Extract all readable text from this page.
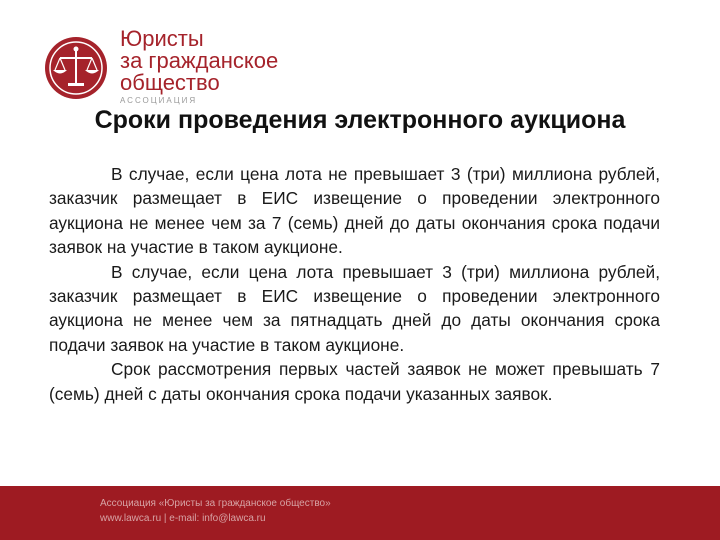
Юристы
за гражданское
общество
АССОЦИАЦИЯ
Сроки проведения электронного аукциона

В случае, если цена лота не превышает 3 (три) миллиона рублей, заказчик размещает в ЕИС извещение о проведении электронного аукциона не менее чем за 7 (семь) дней до даты окончания срока подачи заявок на участие в таком аукционе.

В случае, если цена лота превышает 3 (три) миллиона рублей, заказчик размещает в ЕИС извещение о проведении электронного аукциона не менее чем за пятнадцать дней до даты окончания срока подачи заявок на участие в таком аукционе.

Срок рассмотрения первых частей заявок не может превышать 7 (семь) дней с даты окончания срока подачи указанных заявок.

Ассоциация «Юристы за гражданское общество»
www.lawca.ru | e-mail: info@lawca.ru
